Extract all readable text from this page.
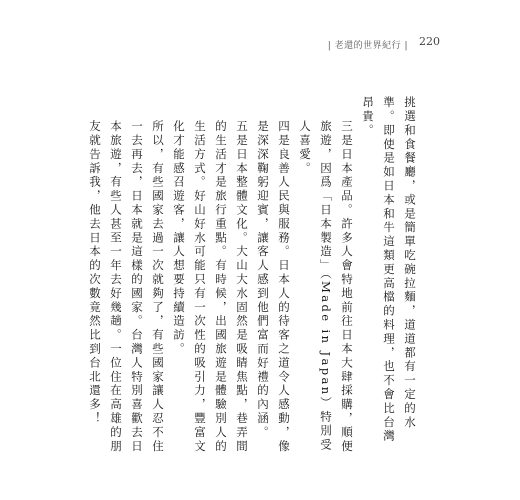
| 老還的世界紀行 | 220

挑選和食餐廳，或是簡單吃碗拉麵，道道都有一定的水準。即使是如日本和牛這類更高檔的料理，也不會比台灣昂貴。

三是日本產品。許多人會特地前往日本大肆採購，順便旅遊，因爲「日本製造」（Made in Japan）特別受人喜愛。

四是良善人民與服務。日本人的待客之道令人感動，像是深深鞠躬迎賓，讓客人感到他們富而好禮的內涵。

五是日本整體文化。大山大水固然是吸睛焦點，巷弄間的生活才是旅行重點。有時候，出國旅遊是體驗別人的生活方式。好山好水可能只有一次性的吸引力，豐富文化才能感召遊客，讓人想要持續造訪。

所以，有些國家去過一次就夠了，有些國家讓人忍不住一去再去，日本就是這樣的國家。台灣人特別喜歡去日本旅遊，有些人甚至一年去好幾趟。一位住在高雄的朋友就告訴我，他去日本的次數竟然比到台北還多！
